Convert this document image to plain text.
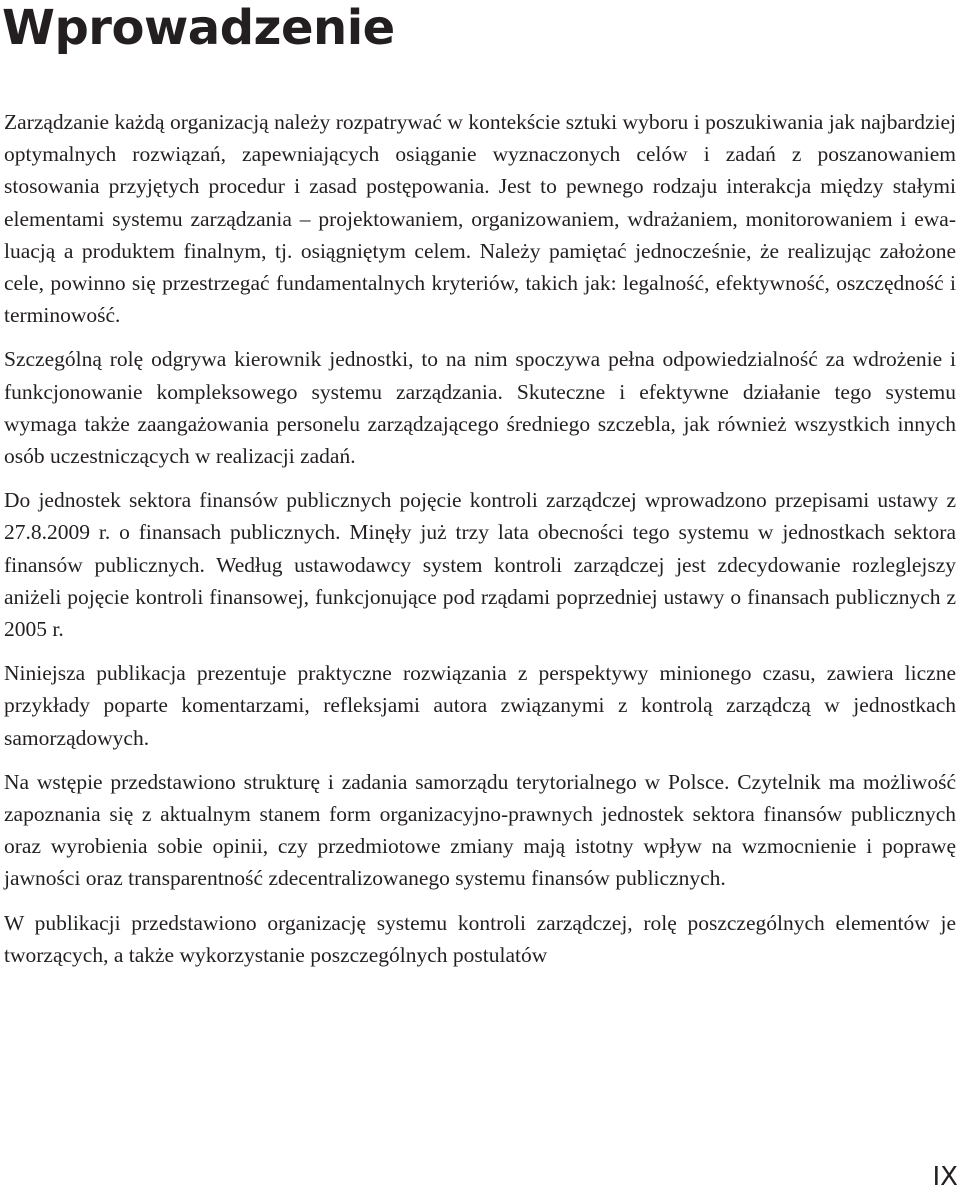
Wprowadzenie

Zarządzanie każdą organizacją należy rozpatrywać w kontekście sztuki wyboru i poszukiwania jak najbardziej optymalnych rozwiązań, zapewniających osiąganie wyznaczonych celów i zadań z poszanowaniem stosowania przyjętych procedur i zasad postępowania. Jest to pewnego rodzaju interakcja między stałymi elementami systemu zarządzania – projektowaniem, organizowaniem, wdrażaniem, monitorowaniem i ewaluacją a produktem finalnym, tj. osiągniętym celem. Należy pamiętać jednocześnie, że realizując założone cele, powinno się przestrzegać fundamentalnych kryteriów, takich jak: legalność, efektywność, oszczędność i terminowość.

Szczególną rolę odgrywa kierownik jednostki, to na nim spoczywa pełna odpowiedzialność za wdrożenie i funkcjonowanie kompleksowego systemu zarządzania. Skuteczne i efektywne działanie tego systemu wymaga także zaangażowania personelu zarządzającego średniego szczebla, jak również wszystkich innych osób uczestniczących w realizacji zadań.

Do jednostek sektora finansów publicznych pojęcie kontroli zarządczej wprowadzono przepisami ustawy z 27.8.2009 r. o finansach publicznych. Minęły już trzy lata obecności tego systemu w jednostkach sektora finansów publicznych. Według ustawodawcy system kontroli zarządczej jest zdecydowanie rozleglejszy aniżeli pojęcie kontroli finansowej, funkcjonujące pod rządami poprzedniej ustawy o finansach publicznych z 2005 r.

Niniejsza publikacja prezentuje praktyczne rozwiązania z perspektywy minionego czasu, zawiera liczne przykłady poparte komentarzami, refleksjami autora związanymi z kontrolą zarządczą w jednostkach samorządowych.

Na wstępie przedstawiono strukturę i zadania samorządu terytorialnego w Polsce. Czytelnik ma możliwość zapoznania się z aktualnym stanem form organizacyjno-prawnych jednostek sektora finansów publicznych oraz wyrobienia sobie opinii, czy przedmiotowe zmiany mają istotny wpływ na wzmocnienie i poprawę jawności oraz transparentność zdecentralizowanego systemu finansów publicznych.

W publikacji przedstawiono organizację systemu kontroli zarządczej, rolę poszczególnych elementów je tworzących, a także wykorzystanie poszczególnych postulatów

IX
